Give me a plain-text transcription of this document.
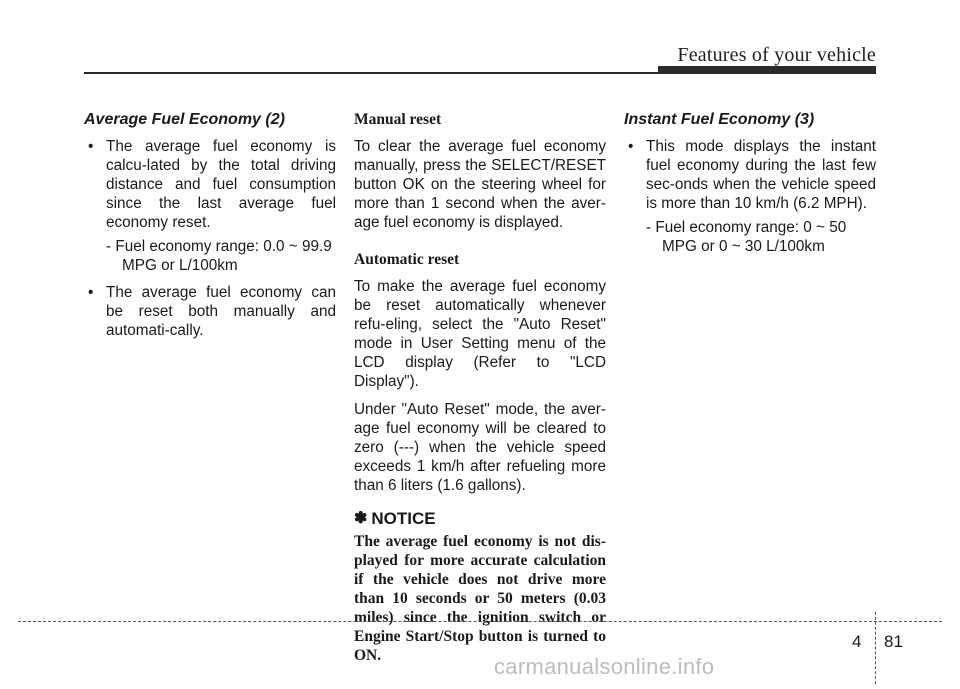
Features of your vehicle
Average Fuel Economy (2)
• The average fuel economy is calcu-lated by the total driving distance and fuel consumption since the last average fuel economy reset.
- Fuel economy range: 0.0 ~ 99.9 MPG or L/100km
• The average fuel economy can be reset both manually and automati-cally.
Manual reset

To clear the average fuel economy manually, press the SELECT/RESET button OK on the steering wheel for more than 1 second when the aver-age fuel economy is displayed.

Automatic reset

To make the average fuel economy be reset automatically whenever refu-eling, select the "Auto Reset" mode in User Setting menu of the LCD display (Refer to "LCD Display").

Under "Auto Reset" mode, the aver-age fuel economy will be cleared to zero (---) when the vehicle speed exceeds 1 km/h after refueling more than 6 liters (1.6 gallons).

✽ NOTICE

The average fuel economy is not dis-played for more accurate calculation if the vehicle does not drive more than 10 seconds or 50 meters (0.03 miles) since the ignition switch or Engine Start/Stop button is turned to ON.

Instant Fuel Economy (3)
• This mode displays the instant fuel economy during the last few sec-onds when the vehicle speed is more than 10 km/h (6.2 MPH).
- Fuel economy range: 0 ~ 50 MPG or 0 ~ 30 L/100km
4 81
carmanualsonline.info
